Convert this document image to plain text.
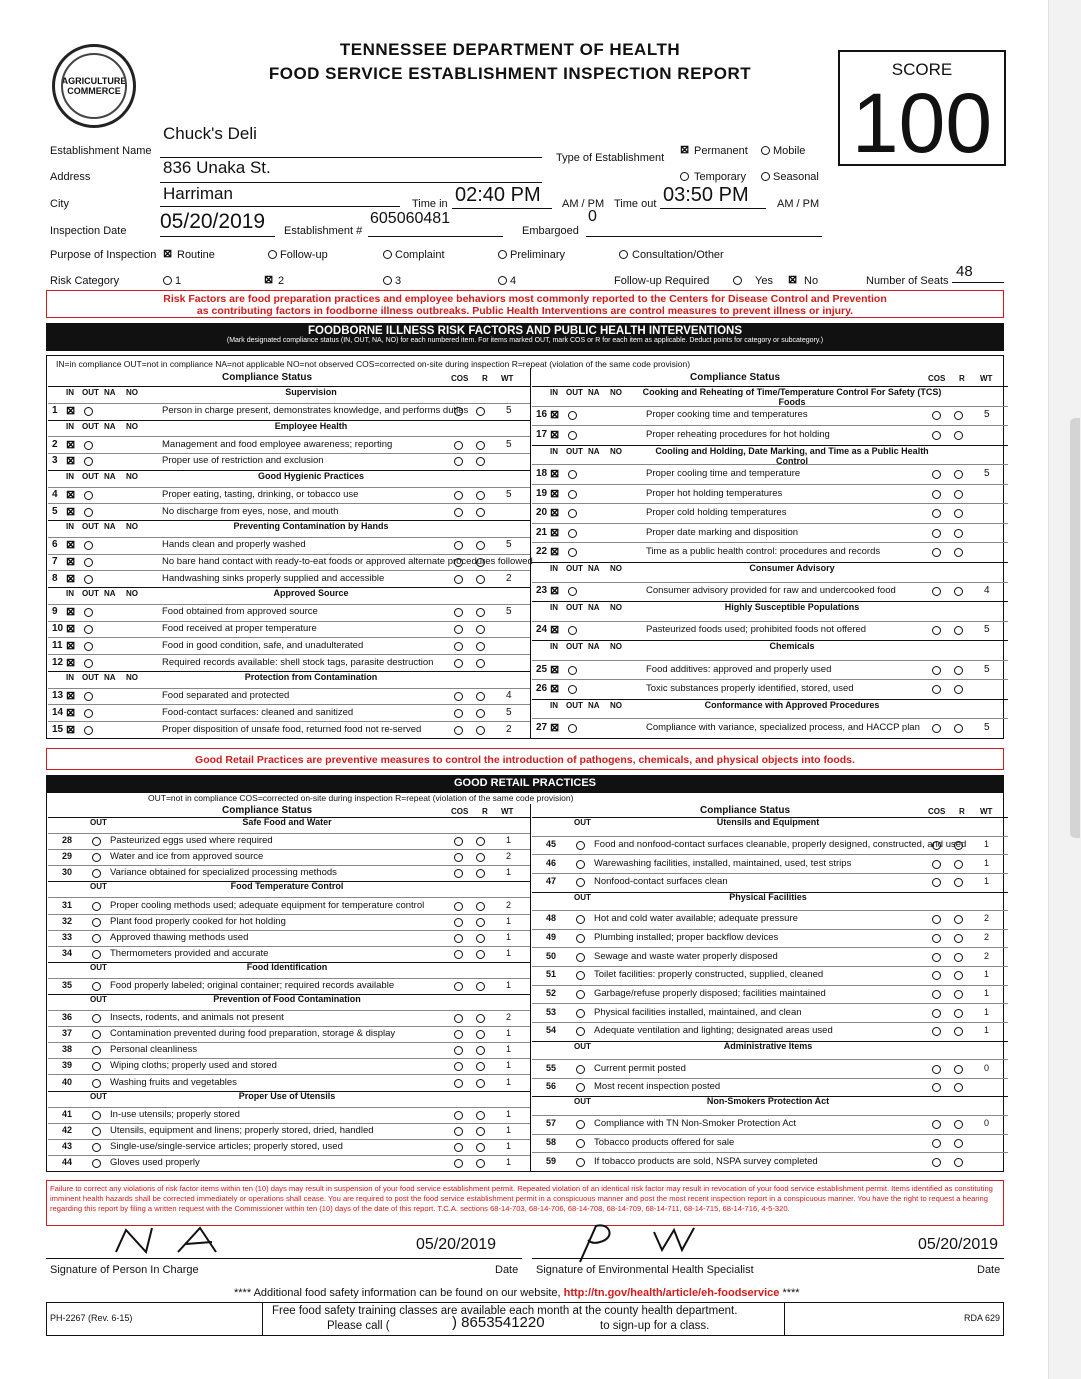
AGRICULTURE COMMERCE
TENNESSEE DEPARTMENT OF HEALTH
FOOD SERVICE ESTABLISHMENT INSPECTION REPORT	SCORE
100
Establishment Name
Chuck's Deli
Address	836 Unaka St.
City
Harriman
Inspection Date 05/20/2019 Establishment #
605060481
Time in 02:40 PM AM / PM Time out 03:50 PM	AM / PM
0
Embargoed
Type of Establishment
⊠ Permanent Mobile
Temporary Seasonal
Purpose of Inspection ⊠ Routine	Follow-up	Complaint	Preliminary	Consultation/Other
Risk Category	1	⊠ 2	3	4	Follow-up Required	Yes ⊠ No	Number of Seats
48
Risk Factors are food preparation practices and employee behaviors most commonly reported to the Centers for Disease Control and Prevention
as contributing factors in foodborne illness outbreaks. Public Health Interventions are control measures to prevent illness or injury.
FOODBORNE ILLNESS RISK FACTORS AND PUBLIC HEALTH INTERVENTIONS
(Mark designated compliance status (IN, OUT, NA, NO) for each numbered item. For items marked OUT, mark COS or R for each item as applicable. Deduct points for category or subcategory.)
IN=in compliance OUT=not in compliance NA=not applicable NO=not observed COS=corrected on-site during inspection R=repeat (violation of the same code provision)
Compliance Status	COS R WT	Compliance Status	COS R WT
IN OUT NA NO	Supervision
1 ⊠	Person in charge present, demonstrates knowledge, and performs duties	5
IN OUT NA NO	Employee Health
2 ⊠	Management and food employee awareness; reporting	5
3 ⊠	Proper use of restriction and exclusion
IN OUT NA NO	Good Hygienic Practices
4 ⊠	Proper eating, tasting, drinking, or tobacco use	5
5 ⊠	No discharge from eyes, nose, and mouth
IN OUT NA NO	Preventing Contamination by Hands
6 ⊠	Hands clean and properly washed	5
7 ⊠	No bare hand contact with ready-to-eat foods or approved alternate procedures followed
8 ⊠	Handwashing sinks properly supplied and accessible	2
IN OUT NA NO	Approved Source
9 ⊠	Food obtained from approved source	5
10 ⊠	Food received at proper temperature
11 ⊠	Food in good condition, safe, and unadulterated
12 ⊠	Required records available: shell stock tags, parasite destruction
IN OUT NA NO	Protection from Contamination
13 ⊠	Food separated and protected	4
14 ⊠	Food-contact surfaces: cleaned and sanitized	5
15 ⊠	Proper disposition of unsafe food, returned food not re-served	2
IN OUT NA NO Cooking and Reheating of Time/Temperature Control For Safety (TCS) Foods
16 ⊠	Proper cooking time and temperatures	5
17 ⊠	Proper reheating procedures for hot holding
IN OUT NA NO	Cooling and Holding, Date Marking, and Time as a Public Health Control
18 ⊠	Proper cooling time and temperature	5
19 ⊠	Proper hot holding temperatures
20 ⊠	Proper cold holding temperatures
21 ⊠	Proper date marking and disposition
22 ⊠	Time as a public health control: procedures and records
IN OUT NA NO	Consumer Advisory
23 ⊠	Consumer advisory provided for raw and undercooked food	4
IN OUT NA NO	Highly Susceptible Populations
24 ⊠	Pasteurized foods used; prohibited foods not offered	5
IN OUT NA NO	Chemicals
25 ⊠	Food additives: approved and properly used	5
26 ⊠	Toxic substances properly identified, stored, used
IN OUT NA NO	Conformance with Approved Procedures
27 ⊠	Compliance with variance, specialized process, and HACCP plan	5
Good Retail Practices are preventive measures to control the introduction of pathogens, chemicals, and physical objects into foods.
GOOD RETAIL PRACTICES
OUT=not in compliance COS=corrected on-site during inspection R=repeat (violation of the same code provision)
Compliance Status	COS R WT	Compliance Status	COS R WT
OUT	Safe Food and Water
28	Pasteurized eggs used where required	1
29	Water and ice from approved source	2
30	Variance obtained for specialized processing methods	1
OUT	Food Temperature Control
31	Proper cooling methods used; adequate equipment for temperature control	2
32	Plant food properly cooked for hot holding	1
33	Approved thawing methods used	1
34	Thermometers provided and accurate	1
OUT	Food Identification
35	Food properly labeled; original container; required records available	1
OUT	Prevention of Food Contamination
36	Insects, rodents, and animals not present	2
37	Contamination prevented during food preparation, storage & display	1
38	Personal cleanliness	1
39	Wiping cloths; properly used and stored	1
40	Washing fruits and vegetables	1
OUT	Proper Use of Utensils
41	In-use utensils; properly stored	1
42	Utensils, equipment and linens; properly stored, dried, handled	1
43	Single-use/single-service articles; properly stored, used	1
44	Gloves used properly	1
OUT	Utensils and Equipment
45	Food and nonfood-contact surfaces cleanable, properly designed, constructed, and used 1
46	Warewashing facilities, installed, maintained, used, test strips	1
47	Nonfood-contact surfaces clean	1
OUT	Physical Facilities
48	Hot and cold water available; adequate pressure	2
49	Plumbing installed; proper backflow devices	2
50	Sewage and waste water properly disposed	2
51	Toilet facilities: properly constructed, supplied, cleaned	1
52	Garbage/refuse properly disposed; facilities maintained	1
53	Physical facilities installed, maintained, and clean	1
54	Adequate ventilation and lighting; designated areas used	1
OUT	Administrative Items
55	Current permit posted	0
56	Most recent inspection posted
OUT	Non-Smokers Protection Act
57	Compliance with TN Non-Smoker Protection Act	0
58	Tobacco products offered for sale
59	If tobacco products are sold, NSPA survey completed
Failure to correct any violations of risk factor items within ten (10) days may result in suspension of your food service establishment permit. Repeated violation of an identical risk factor may result in revocation of your food service establishment permit. Items identified as constituting imminent health hazards shall be corrected immediately or operations shall cease. You are required to post the food service establishment permit in a conspicuous manner and post the most recent inspection report in a conspicuous manner. You have the right to request a hearing regarding this report by filing a written request with the Commissioner within ten (10) days of the date of this report. T.C.A. sections 68-14-703, 68-14-706, 68-14-708, 68-14-709, 68-14-711, 68-14-715, 68-14-716, 4-5-320.
05/20/2019
Signature of Person In Charge	Date
05/20/2019
Signature of Environmental Health Specialist	Date
**** Additional food safety information can be found on our website, http://tn.gov/health/article/eh-foodservice ****
PH-2267 (Rev. 6-15)
Free food safety training classes are available each month at the county health department.
Please call (	) 8653541220	to sign-up for a class.
RDA 629
